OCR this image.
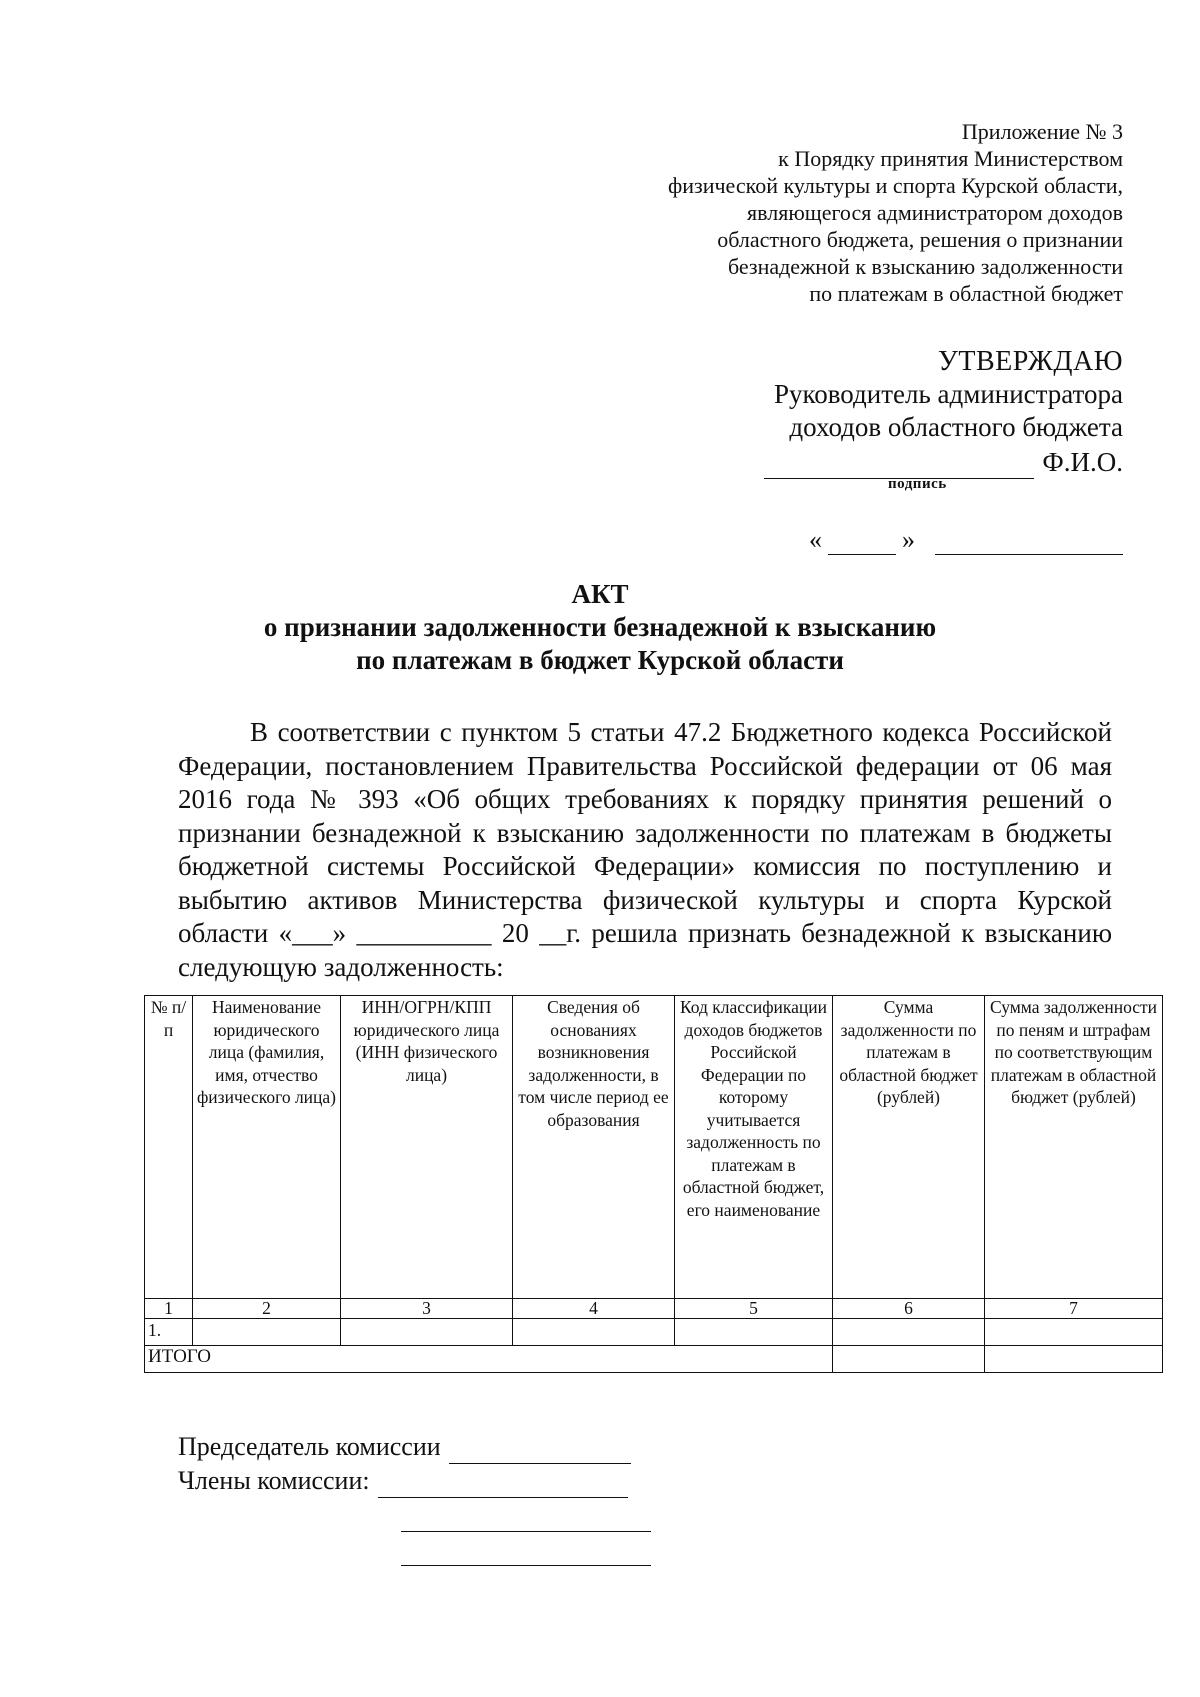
Приложение № 3
к Порядку принятия Министерством
физической культуры и спорта Курской области,
являющегося администратором доходов
областного бюджета, решения о признании
безнадежной к взысканию задолженности
по платежам в областной бюджет
УТВЕРЖДАЮ
Руководитель администратора
доходов областного бюджета
Ф.И.О.
подпись
«	»
АКТ
о признании задолженности безнадежной к взысканию
по платежам в бюджет Курской области
В соответствии с пунктом 5 статьи 47.2 Бюджетного кодекса Российской Федерации, постановлением Правительства Российской федерации от 06 мая 2016 года № 393 «Об общих требованиях к порядку принятия решений о признании безнадежной к взысканию задолженности по платежам в бюджеты бюджетной системы Российской Федерации» комиссия по поступлению и выбытию активов Министерства физической культуры и спорта Курской области «___» __________ 20 __г. решила признать безнадежной к взысканию следующую задолженность:
№ п/п	Наименование юридического лица (фамилия, имя, отчество физического лица)	ИНН/ОГРН/КПП юридического лица (ИНН физического лица)	Сведения об основаниях возникновения задолженности, в том числе период ее образования	Код классификации доходов бюджетов Российской Федерации по которому учитывается задолженность по платежам в областной бюджет, его наименование	Сумма задолженности по платежам в областной бюджет (рублей)	Сумма задолженности по пеням и штрафам по соответствующим платежам в областной бюджет (рублей)
1	2	3	4	5	6	7
1.						
ИТОГО						
Председатель комиссии
Члены комиссии:
